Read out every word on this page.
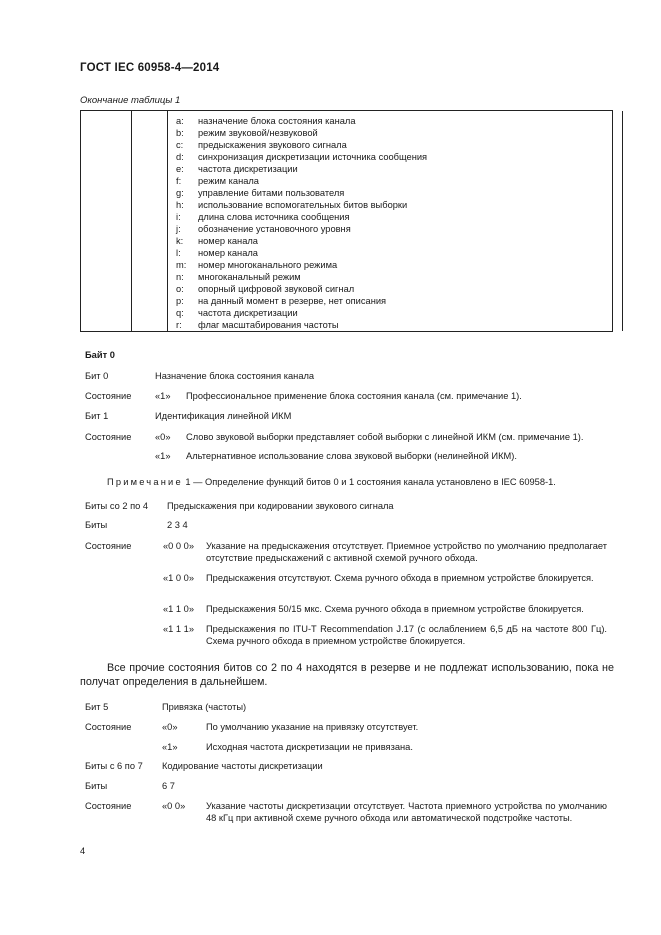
ГОСТ IEC 60958-4—2014
Окончание таблицы 1
a: назначение блока состояния канала
b: режим звуковой/незвуковой
c: предыскажения звукового сигнала
d: синхронизация дискретизации источника сообщения
e: частота дискретизации
f: режим канала
g: управление битами пользователя
h: использование вспомогательных битов выборки
i: длина слова источника сообщения
j: обозначение установочного уровня
k: номер канала
l: номер канала
m: номер многоканального режима
n: многоканальный режим
o: опорный цифровой звуковой сигнал
p: на данный момент в резерве, нет описания
q: частота дискретизации
r: флаг масштабирования частоты
Байт 0
Бит 0	Назначение блока состояния канала
Состояние	«1» Профессиональное применение блока состояния канала (см. примечание 1).
Бит 1	Идентификация линейной ИКМ
Состояние	«0» Слово звуковой выборки представляет собой выборки с линейной ИКМ (см. примечание 1).
«1» Альтернативное использование слова звуковой выборки (нелинейной ИКМ).
Примечание 1 — Определение функций битов 0 и 1 состояния канала установлено в IEC 60958-1.
Биты со 2 по 4 Предыскажения при кодировании звукового сигнала
Биты	2 3 4
Состояние	«0 0 0» Указание на предыскажения отсутствует. Приемное устройство по умолчанию предполагает отсутствие предыскажений с активной схемой ручного обхода.
«1 0 0» Предыскажения отсутствуют. Схема ручного обхода в приемном устройстве блокируется.
«1 1 0» Предыскажения 50/15 мкс. Схема ручного обхода в приемном устройстве блокируется.
«1 1 1» Предыскажения по ITU-T Recommendation J.17 (с ослаблением 6,5 дБ на частоте 800 Гц). Схема ручного обхода в приемном устройстве блокируется.
Все прочие состояния битов со 2 по 4 находятся в резерве и не подлежат использованию, пока не получат определения в дальнейшем.
Бит 5	Привязка (частоты)
Состояние	«0»	По умолчанию указание на привязку отсутствует.
«1»	Исходная частота дискретизации не привязана.
Биты с 6 по 7 Кодирование частоты дискретизации
Биты	6 7
Состояние	«0 0» Указание частоты дискретизации отсутствует. Частота приемного устройства по умолчанию 48 кГц при активной схеме ручного обхода или автоматической подстройке частоты.
4
